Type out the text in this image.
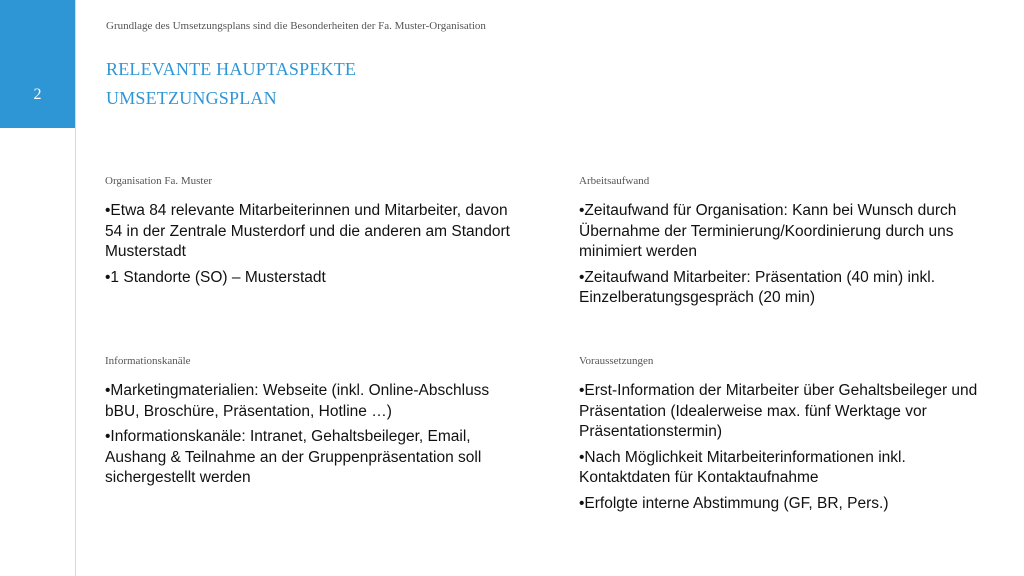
2
Grundlage des Umsetzungsplans sind die Besonderheiten der Fa. Muster-Organisation
RELEVANTE HAUPTASPEKTE
UMSETZUNGSPLAN
Organisation Fa. Muster
•Etwa 84 relevante Mitarbeiterinnen und Mitarbeiter, davon 54 in der Zentrale Musterdorf und die anderen am Standort Musterstadt
•1 Standorte (SO) – Musterstadt
Arbeitsaufwand
•Zeitaufwand für Organisation: Kann bei Wunsch durch Übernahme der Terminierung/Koordinierung durch uns minimiert werden
•Zeitaufwand Mitarbeiter: Präsentation (40 min) inkl. Einzelberatungsgespräch (20 min)
Informationskanäle
•Marketingmaterialien: Webseite (inkl. Online-Abschluss bBU, Broschüre, Präsentation, Hotline …)
•Informationskanäle: Intranet, Gehaltsbeileger, Email, Aushang & Teilnahme an der Gruppenpräsentation soll sichergestellt werden
Voraussetzungen
•Erst-Information der Mitarbeiter über Gehaltsbeileger und Präsentation (Idealerweise max. fünf Werktage vor Präsentationstermin)
•Nach Möglichkeit Mitarbeiterinformationen inkl. Kontaktdaten für Kontaktaufnahme
•Erfolgte interne Abstimmung (GF, BR, Pers.)
